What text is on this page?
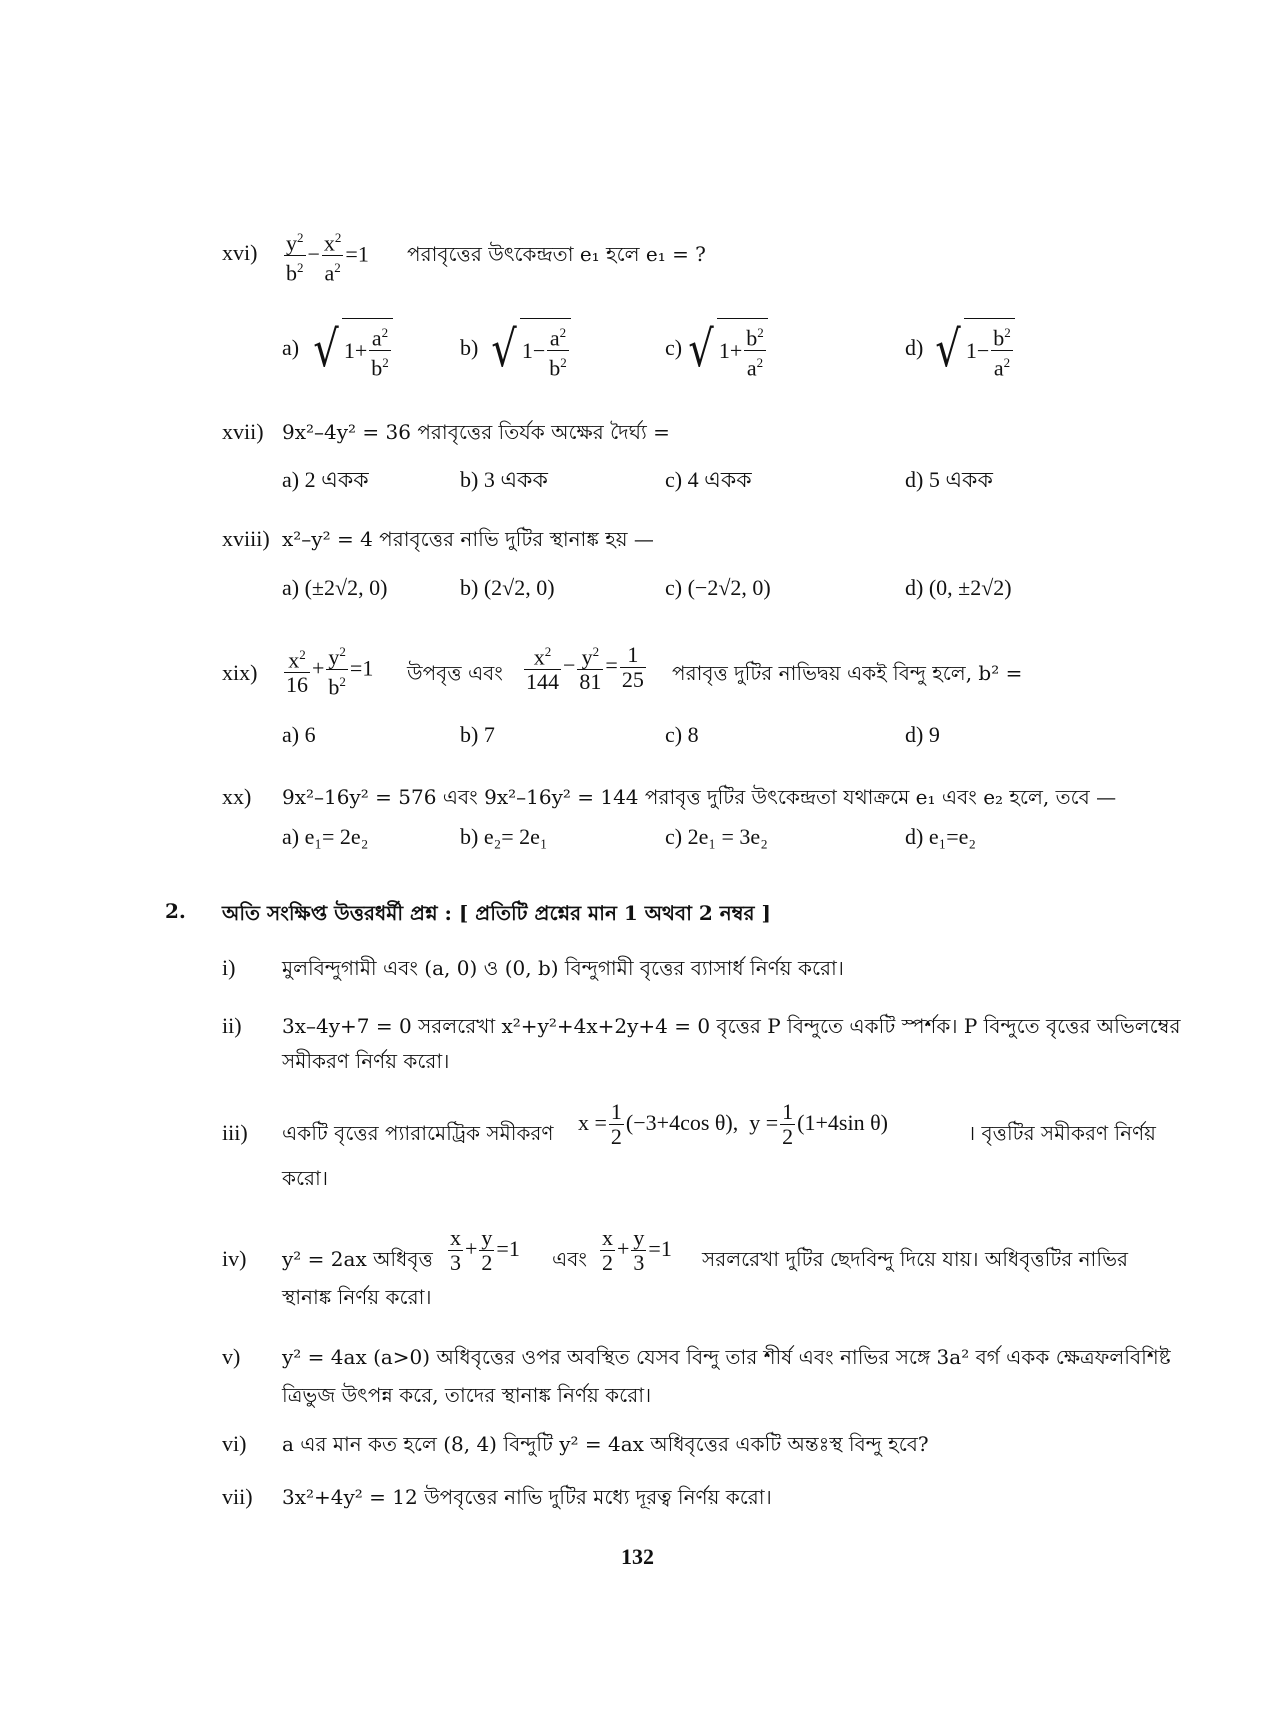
$xvi) \frac{y^2}{b^2} - \frac{x^2}{a^2} =1$ পরাবৃত্তের উৎকেন্দ্রতা e₁ হলে e₁ = ?
a) √ $1+ \frac{a^2}{b^2}$	b) √ $1- \frac{a^2}{b^2}$	c) √ $1+ \frac{b^2}{a^2}$	d) √ $1- \frac{b^2}{a^2}$
xvii) 9x²–4y² = 36 পরাবৃত্তের তির্যক অক্ষের দৈর্ঘ্য =
a) 2 একক	b) 3 একক	c) 4 একক	d) 5 একক
xviii) x²–y² = 4 পরাবৃত্তের নাভি দুটির স্থানাঙ্ক হয় —
a) (±2√2, 0)	b) (2√2, 0)	c) (−2√2, 0)	d) (0, ±2√2)
$xix) \frac{x^2}{16} + \frac{y^2}{b^2} =1$ উপবৃত্ত এবং $\frac{x^2}{144} - \frac{y^2}{81} = \frac{1}{25}$ পরাবৃত্ত দুটির নাভিদ্বয় একই বিন্দু হলে, b² =
a) 6	b) 7	c) 8	d) 9
xx) 9x²–16y² = 576 এবং 9x²–16y² = 144 পরাবৃত্ত দুটির উৎকেন্দ্রতা যথাক্রমে e₁ এবং e₂ হলে, তবে —
a) e₁= 2e₂	b) e₂= 2e₁	c) 2e₁ = 3e₂	d) e₁=e₂
2. অতি সংক্ষিপ্ত উত্তরধর্মী প্রশ্ন : [ প্রতিটি প্রশ্নের মান 1 অথবা 2 নম্বর ]
i) মুলবিন্দুগামী এবং (a, 0) ও (0, b) বিন্দুগামী বৃত্তের ব্যাসার্ধ নির্ণয় করো।
ii) 3x–4y+7 = 0 সরলরেখা x²+y²+4x+2y+4 = 0 বৃত্তের P বিন্দুতে একটি স্পর্শক। P বিন্দুতে বৃত্তের অভিলম্বের
সমীকরণ নির্ণয় করো।
iii) একটি বৃত্তের প্যারামেট্রিক সমীকরণ $x = \frac{1}{2} (-3+4\cos$ θ),  $y = \frac{1}{2} (1+4\sin$ θ)	। বৃত্তটির সমীকরণ নির্ণয়
করো।
iv) y² = 2ax অধিবৃত্ত $\frac{x}{3} + \frac{y}{2} =1$ এবং $\frac{x}{2} + \frac{y}{3} =1$ সরলরেখা দুটির ছেদবিন্দু দিয়ে যায়। অধিবৃত্তটির নাভির
স্থানাঙ্ক নির্ণয় করো।
v) y² = 4ax (a>0) অধিবৃত্তের ওপর অবস্থিত যেসব বিন্দু তার শীর্ষ এবং নাভির সঙ্গে 3a² বর্গ একক ক্ষেত্রফলবিশিষ্ট
ত্রিভুজ উৎপন্ন করে, তাদের স্থানাঙ্ক নির্ণয় করো।
vi) a এর মান কত হলে (8, 4) বিন্দুটি y² = 4ax অধিবৃত্তের একটি অন্তঃস্থ বিন্দু হবে?
vii) 3x²+4y² = 12 উপবৃত্তের নাভি দুটির মধ্যে দূরত্ব নির্ণয় করো।
132
